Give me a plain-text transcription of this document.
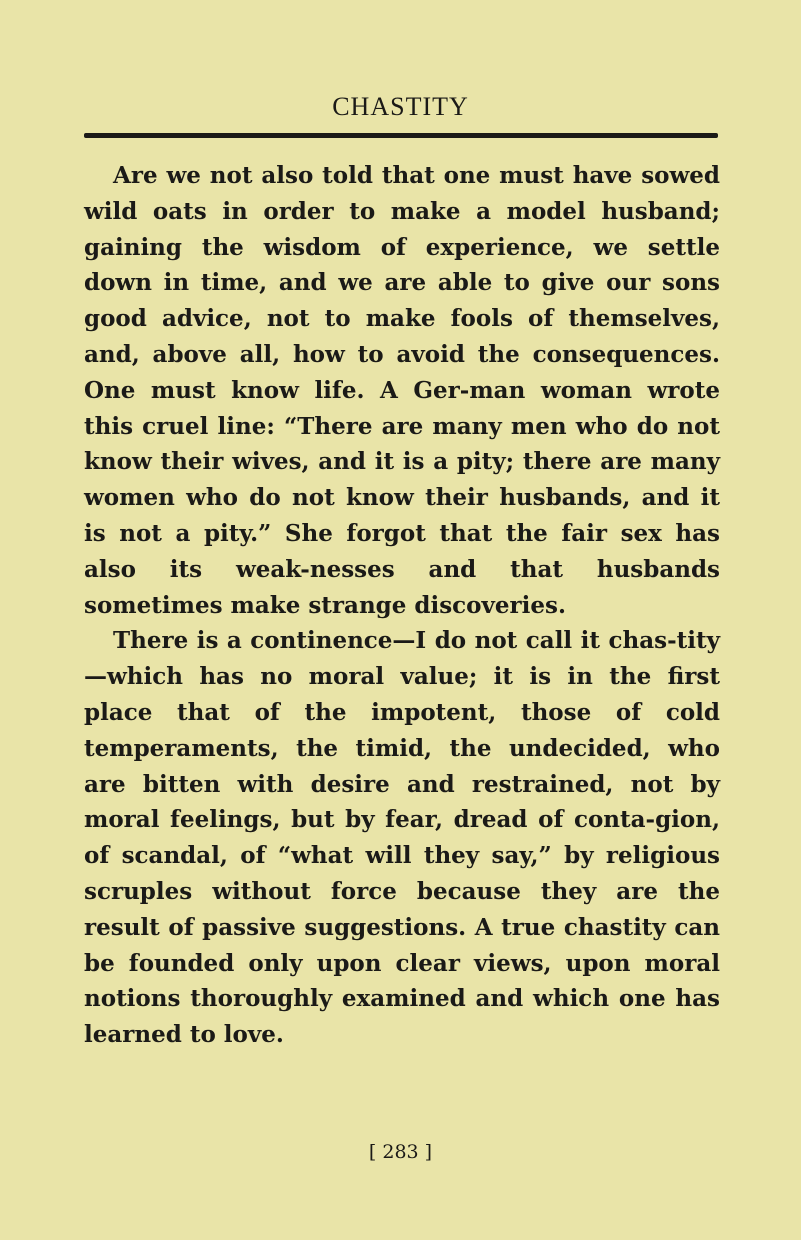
CHASTITY

Are we not also told that one must have sowed wild oats in order to make a model husband; gaining the wisdom of experience, we settle down in time, and we are able to give our sons good advice, not to make fools of themselves, and, above all, how to avoid the consequences. One must know life. A Ger-man woman wrote this cruel line: “There are many men who do not know their wives, and it is a pity; there are many women who do not know their husbands, and it is not a pity.” She forgot that the fair sex has also its weak-nesses and that husbands sometimes make strange discoveries.

There is a continence—I do not call it chas-tity—which has no moral value; it is in the first place that of the impotent, those of cold temperaments, the timid, the undecided, who are bitten with desire and restrained, not by moral feelings, but by fear, dread of conta-gion, of scandal, of “what will they say,” by religious scruples without force because they are the result of passive suggestions. A true chastity can be founded only upon clear views, upon moral notions thoroughly examined and which one has learned to love.

[ 283 ]
